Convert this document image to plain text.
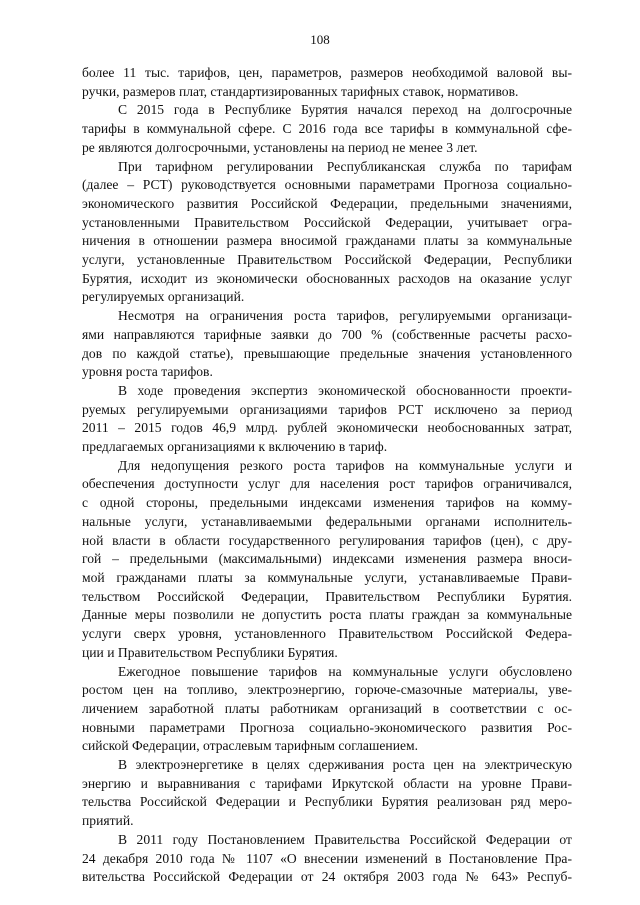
108
более 11 тыс. тарифов, цен, параметров, размеров необходимой валовой вы-
ручки, размеров плат, стандартизированных тарифных ставок, нормативов.
С 2015 года в Республике Бурятия начался переход на долгосрочные
тарифы в коммунальной сфере. С 2016 года все тарифы в коммунальной сфе-
ре являются долгосрочными, установлены на период не менее 3 лет.
При тарифном регулировании Республиканская служба по тарифам
(далее – РСТ) руководствуется основными параметрами Прогноза социально-
экономического развития Российской Федерации, предельными значениями,
установленными Правительством Российской Федерации, учитывает огра-
ничения в отношении размера вносимой гражданами платы за коммунальные
услуги, установленные Правительством Российской Федерации, Республики
Бурятия, исходит из экономически обоснованных расходов на оказание услуг
регулируемых организаций.
Несмотря на ограничения роста тарифов, регулируемыми организаци-
ями направляются тарифные заявки до 700 % (собственные расчеты расхо-
дов по каждой статье), превышающие предельные значения установленного
уровня роста тарифов.
В ходе проведения экспертиз экономической обоснованности проекти-
руемых регулируемыми организациями тарифов РСТ исключено за период
2011 – 2015 годов 46,9 млрд. рублей экономически необоснованных затрат,
предлагаемых организациями к включению в тариф.
Для недопущения резкого роста тарифов на коммунальные услуги и
обеспечения доступности услуг для населения рост тарифов ограничивался,
с одной стороны, предельными индексами изменения тарифов на комму-
нальные услуги, устанавливаемыми федеральными органами исполнитель-
ной власти в области государственного регулирования тарифов (цен), с дру-
гой – предельными (максимальными) индексами изменения размера вноси-
мой гражданами платы за коммунальные услуги, устанавливаемые Прави-
тельством Российской Федерации, Правительством Республики Бурятия.
Данные меры позволили не допустить роста платы граждан за коммунальные
услуги сверх уровня, установленного Правительством Российской Федера-
ции и Правительством Республики Бурятия.
Ежегодное повышение тарифов на коммунальные услуги обусловлено
ростом цен на топливо, электроэнергию, горюче-смазочные материалы, уве-
личением заработной платы работникам организаций в соответствии с ос-
новными параметрами Прогноза социально-экономического развития Рос-
сийской Федерации, отраслевым тарифным соглашением.
В электроэнергетике в целях сдерживания роста цен на электрическую
энергию и выравнивания с тарифами Иркутской области на уровне Прави-
тельства Российской Федерации и Республики Бурятия реализован ряд меро-
приятий.
В 2011 году Постановлением Правительства Российской Федерации от
24 декабря 2010 года № 1107 «О внесении изменений в Постановление Пра-
вительства Российской Федерации от 24 октября 2003 года № 643» Респуб-
